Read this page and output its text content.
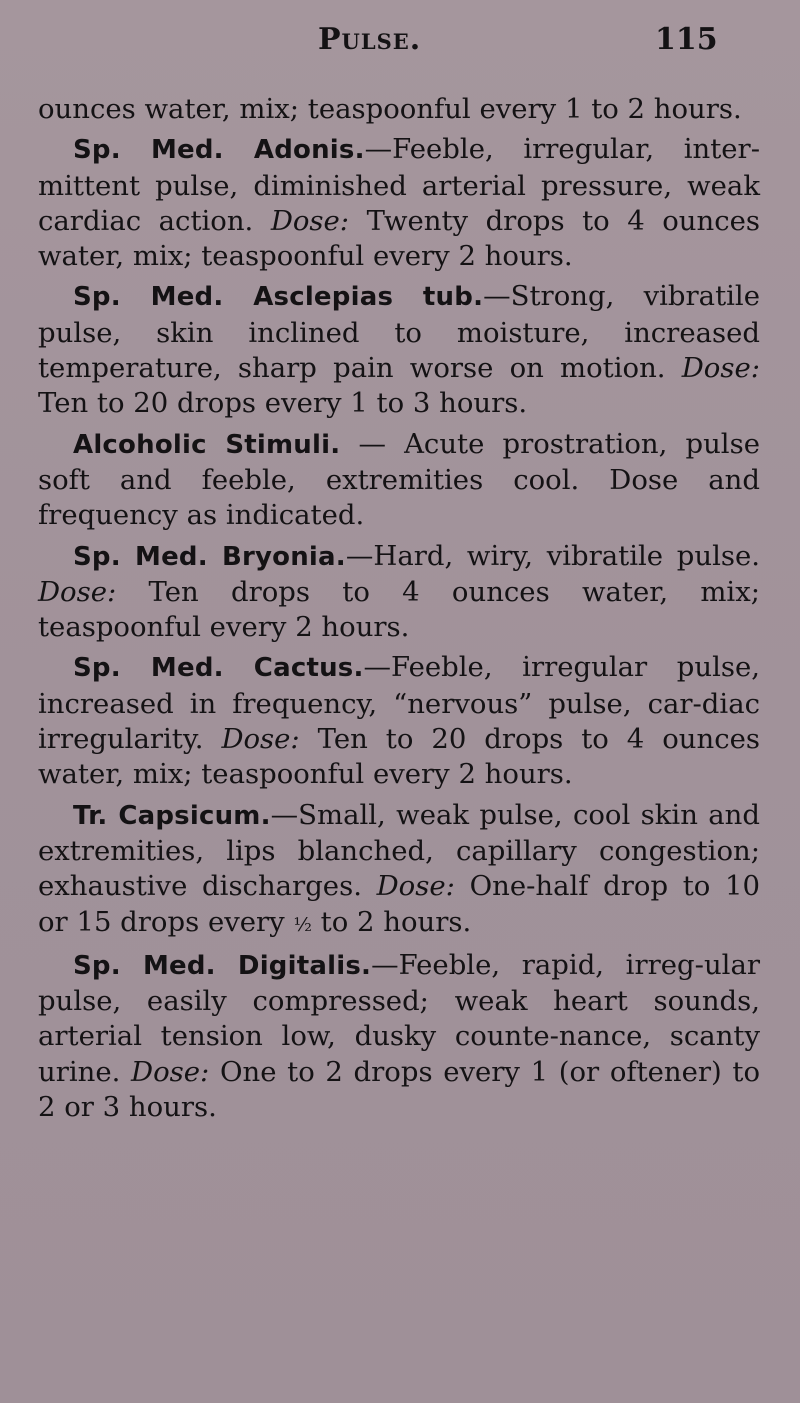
Pulse.	115

ounces water, mix; teaspoonful every 1 to 2 hours.

Sp. Med. Adonis.—Feeble, irregular, inter-mittent pulse, diminished arterial pressure, weak cardiac action. Dose: Twenty drops to 4 ounces water, mix; teaspoonful every 2 hours.

Sp. Med. Asclepias tub.—Strong, vibratile pulse, skin inclined to moisture, increased temperature, sharp pain worse on motion. Dose: Ten to 20 drops every 1 to 3 hours.

Alcoholic Stimuli. — Acute prostration, pulse soft and feeble, extremities cool. Dose and frequency as indicated.

Sp. Med. Bryonia.—Hard, wiry, vibratile pulse. Dose: Ten drops to 4 ounces water, mix; teaspoonful every 2 hours.

Sp. Med. Cactus.—Feeble, irregular pulse, increased in frequency, “nervous” pulse, car-diac irregularity. Dose: Ten to 20 drops to 4 ounces water, mix; teaspoonful every 2 hours.

Tr. Capsicum.—Small, weak pulse, cool skin and extremities, lips blanched, capillary congestion; exhaustive discharges. Dose: One-half drop to 10 or 15 drops every ½ to 2 hours.

Sp. Med. Digitalis.—Feeble, rapid, irreg-ular pulse, easily compressed; weak heart sounds, arterial tension low, dusky counte-nance, scanty urine. Dose: One to 2 drops every 1 (or oftener) to 2 or 3 hours.
